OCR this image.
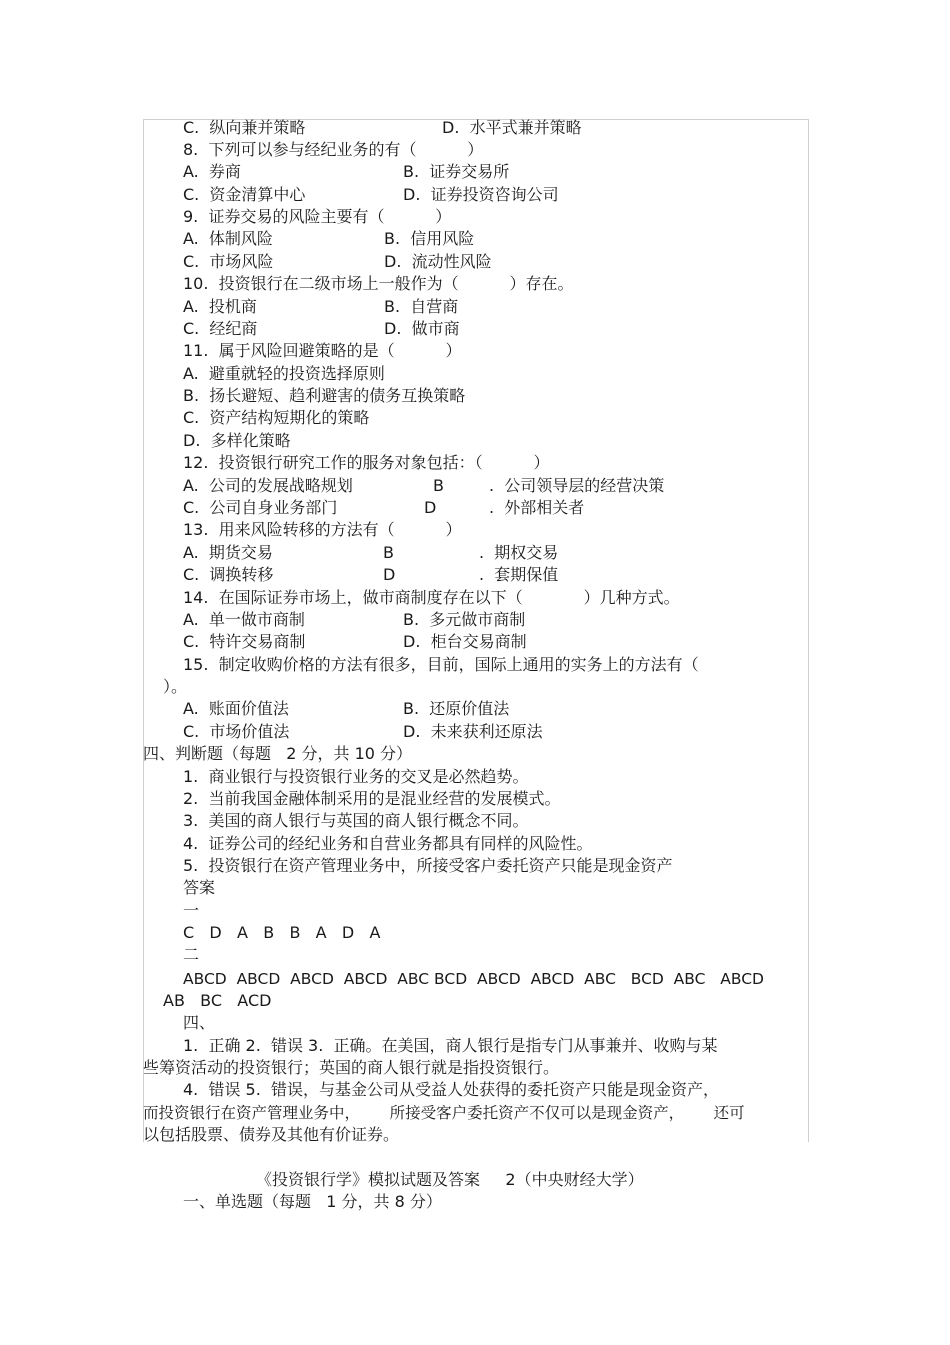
C.  纵向兼并策略	D.  水平式兼并策略
8.  下列可以参与经纪业务的有（          ）
A.  券商	B.  证券交易所
C.  资金清算中心	D.  证券投资咨询公司
9.  证券交易的风险主要有（          ）
A.  体制风险	B.  信用风险
C.  市场风险	D.  流动性风险
10.  投资银行在二级市场上一般作为（          ）存在。
A.  投机商	B.  自营商
C.  经纪商	D.  做市商
11.  属于风险回避策略的是（          ）
A.  避重就轻的投资选择原则
B.  扬长避短、趋利避害的债务互换策略
C.  资产结构短期化的策略
D.  多样化策略
12.  投资银行研究工作的服务对象包括：（          ）
A.  公司的发展战略规划	B	.  公司领导层的经营决策
C.  公司自身业务部门	D	.  外部相关者
13.  用来风险转移的方法有（          ）
A.  期货交易	B	.  期权交易
C.  调换转移	D	.  套期保值
14.  在国际证券市场上，做市商制度存在以下（            ）几种方式。
A.  单一做市商制	B.  多元做市商制
C.  特许交易商制	D.  柜台交易商制
15.  制定收购价格的方法有很多，目前，国际上通用的实务上的方法有（
）。
A.  账面价值法	B.  还原价值法
C.  市场价值法	D.  未来获利还原法
四、判断题（每题   2 分，共 10 分）
1.  商业银行与投资银行业务的交叉是必然趋势。
2.  当前我国金融体制采用的是混业经营的发展模式。
3.  美国的商人银行与英国的商人银行概念不同。
4.  证券公司的经纪业务和自营业务都具有同样的风险性。
5.  投资银行在资产管理业务中，所接受客户委托资产只能是现金资产
答案
一
C   D   A   B   B   A   D   A
二
ABCD  ABCD  ABCD  ABCD  ABC BCD  ABCD  ABCD  ABC   BCD  ABC   ABCD
AB   BC   ACD
四、
1.  正确 2.  错误 3.  正确。在美国，商人银行是指专门从事兼并、收购与某
些筹资活动的投资银行；英国的商人银行就是指投资银行。
4.  错误 5.  错误，与基金公司从受益人处获得的委托资产只能是现金资产，
而投资银行在资产管理业务中，      所接受客户委托资产不仅可以是现金资产，      还可
以包括股票、债券及其他有价证券。
《投资银行学》模拟试题及答案     2（中央财经大学）
一、单选题（每题   1 分，共 8 分）
